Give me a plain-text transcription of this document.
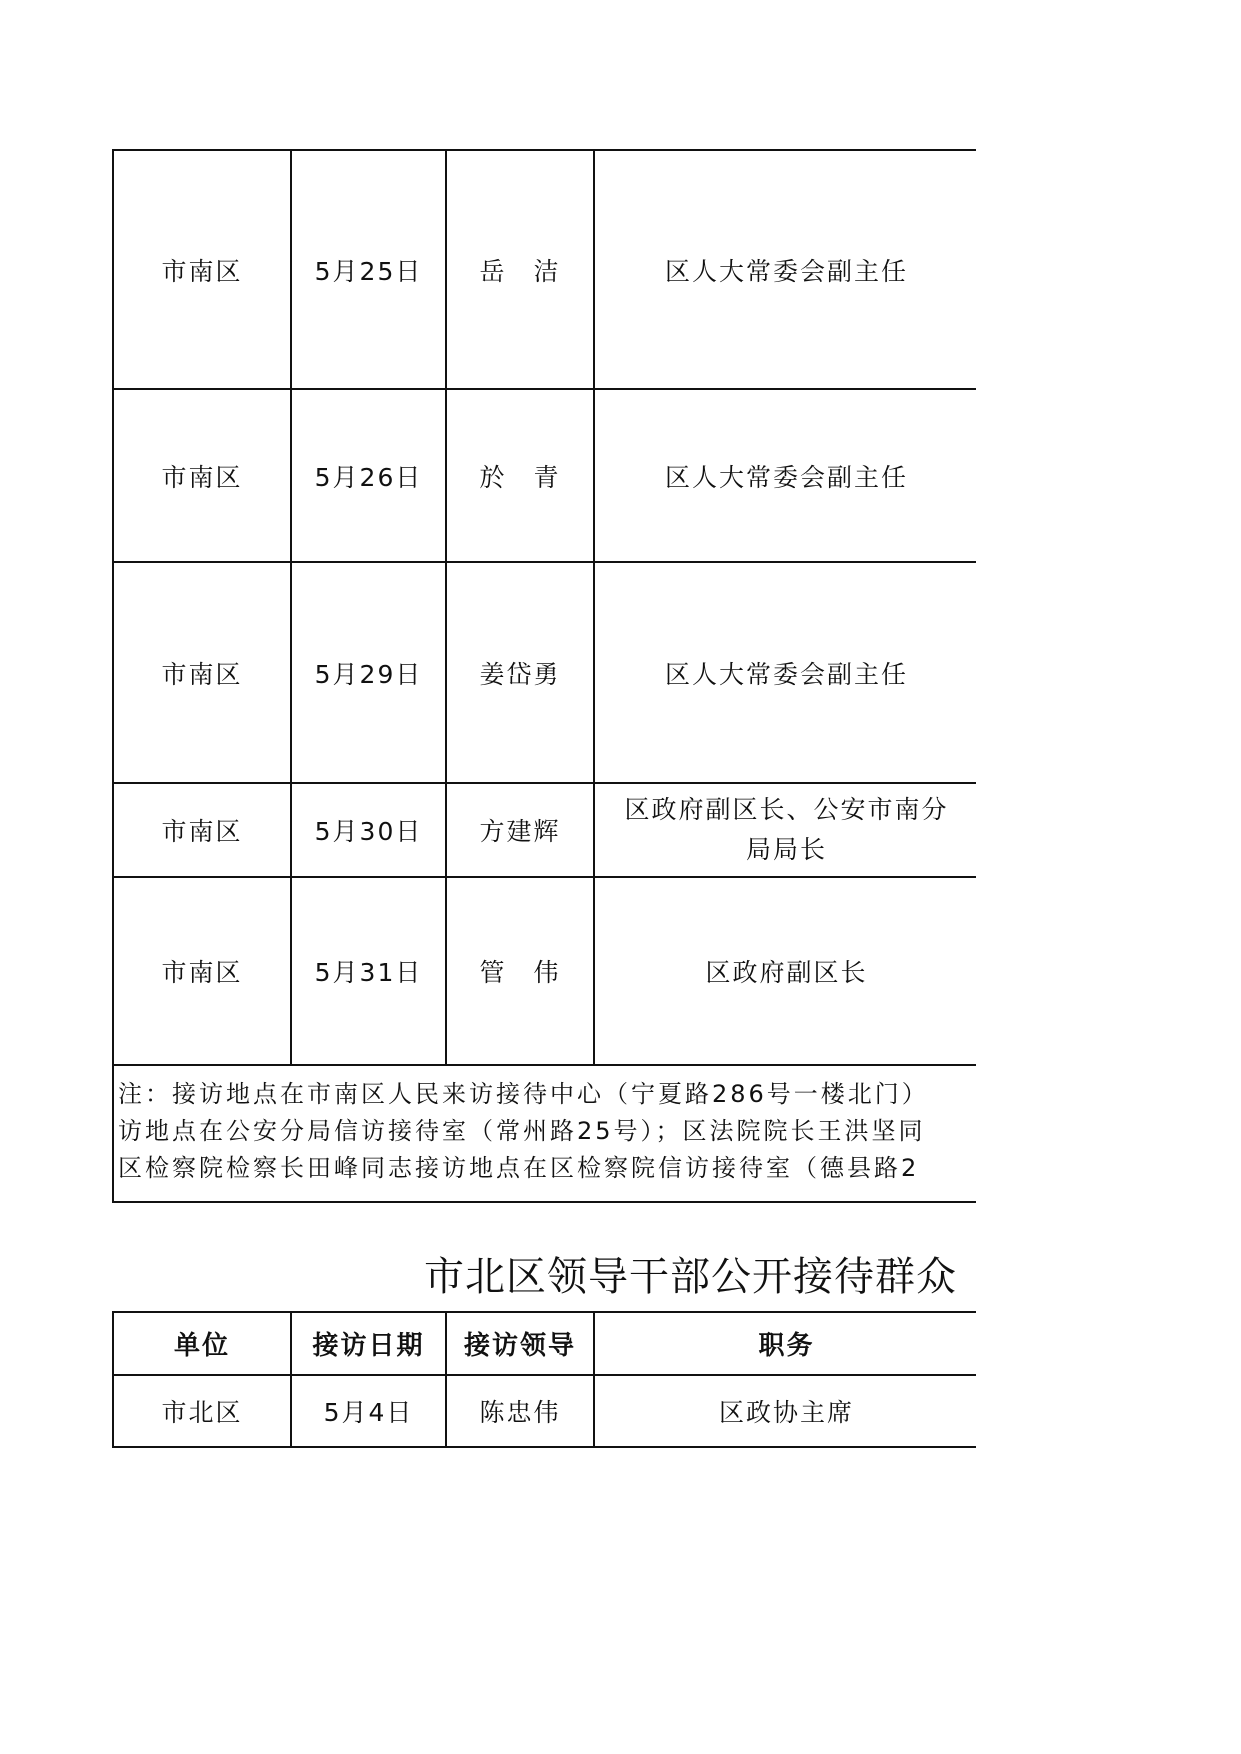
市南区	5月25日	岳　洁	区人大常委会副主任	
市南区	5月26日	於　青	区人大常委会副主任	
市南区	5月29日	姜岱勇	区人大常委会副主任	
市南区	5月30日	方建辉	区政府副区长、公安市南分
局局长	

市南区	5月31日	管　伟	区政府副区长	

注：接访地点在市南区人民来访接待中心（宁夏路286号一楼北门）
访地点在公安分局信访接待室（常州路25号）；区法院院长王洪坚同
区检察院检察长田峰同志接访地点在区检察院信访接待室（德县路2				
市北区领导干部公开接待群众
单位	接访日期	接访领导	职务	
市北区	5月4日	陈忠伟	区政协主席	
